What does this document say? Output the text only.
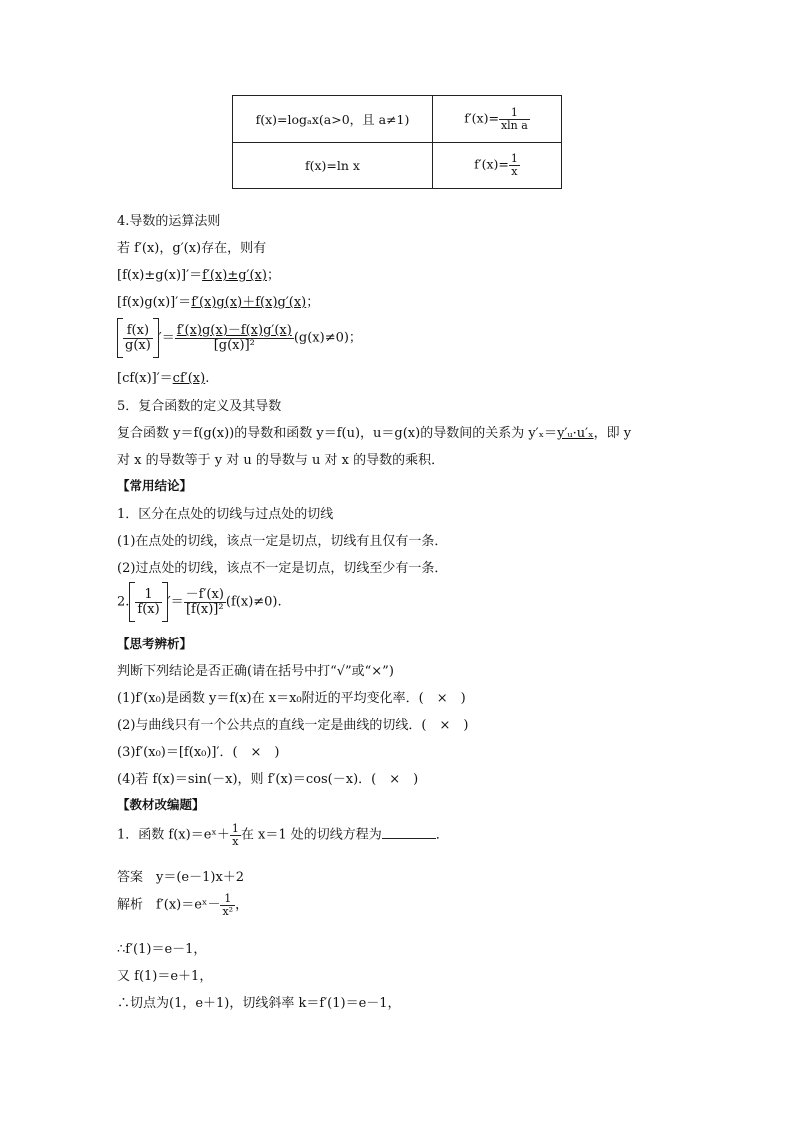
f(x)=logₐx(a>0，且 a≠1)	$f'(x)= \frac{1}{\text{xln a}}$

f(x)=ln x	$f'(x)= \frac{1}{x}$
4.导数的运算法则
若 f′(x)，g′(x)存在，则有
[f(x)±g(x)]′＝f′(x)±g′(x)；
[f(x)g(x)]′＝f′(x)g(x)＋f(x)g′(x)；
$\frac{f(x)}{g(x)}$ ′＝ $\frac{f'(x)g(x)-f(x)g'(x)}{\text{[g(x)]²}} (g(x)\ne 0)$；
[cf(x)]′＝cf′(x).
5．复合函数的定义及其导数
复合函数 y＝f(g(x))的导数和函数 y＝f(u)，u＝g(x)的导数间的关系为 y′ₓ＝y′ᵤ·u′ₓ，即 y
对 x 的导数等于 y 对 u 的导数与 u 对 x 的导数的乘积．
【常用结论】
1．区分在点处的切线与过点处的切线
(1)在点处的切线，该点一定是切点，切线有且仅有一条．
(2)过点处的切线，该点不一定是切点，切线至少有一条．
2. $\frac{1}{f(x)}$ ′＝ $\frac{-f'(x)}{\text{[f(x)]²}} (f(x)\ne 0)$.
【思考辨析】
判断下列结论是否正确(请在括号中打“√”或“×”)
(1)f′(x₀)是函数 y＝f(x)在 x＝x₀附近的平均变化率．(　×　)
(2)与曲线只有一个公共点的直线一定是曲线的切线．(　×　)
(3)f′(x₀)＝[f(x₀)]′．(　×　)
(4)若 f(x)＝sin(－x)，则 f′(x)＝cos(－x)．(　×　)
【教材改编题】
1．函数 f(x)＝eˣ＋ $\frac{1}{x}$ 在 x＝1 处的切线方程为	．
答案　y＝(e－1)x＋2
解析　f′(x)＝eˣ－ $\frac{1}{\text{x²}}$ ，
∴f′(1)＝e－1，
又 f(1)＝e＋1，
∴切点为(1，e＋1)，切线斜率 k＝f′(1)＝e－1，
